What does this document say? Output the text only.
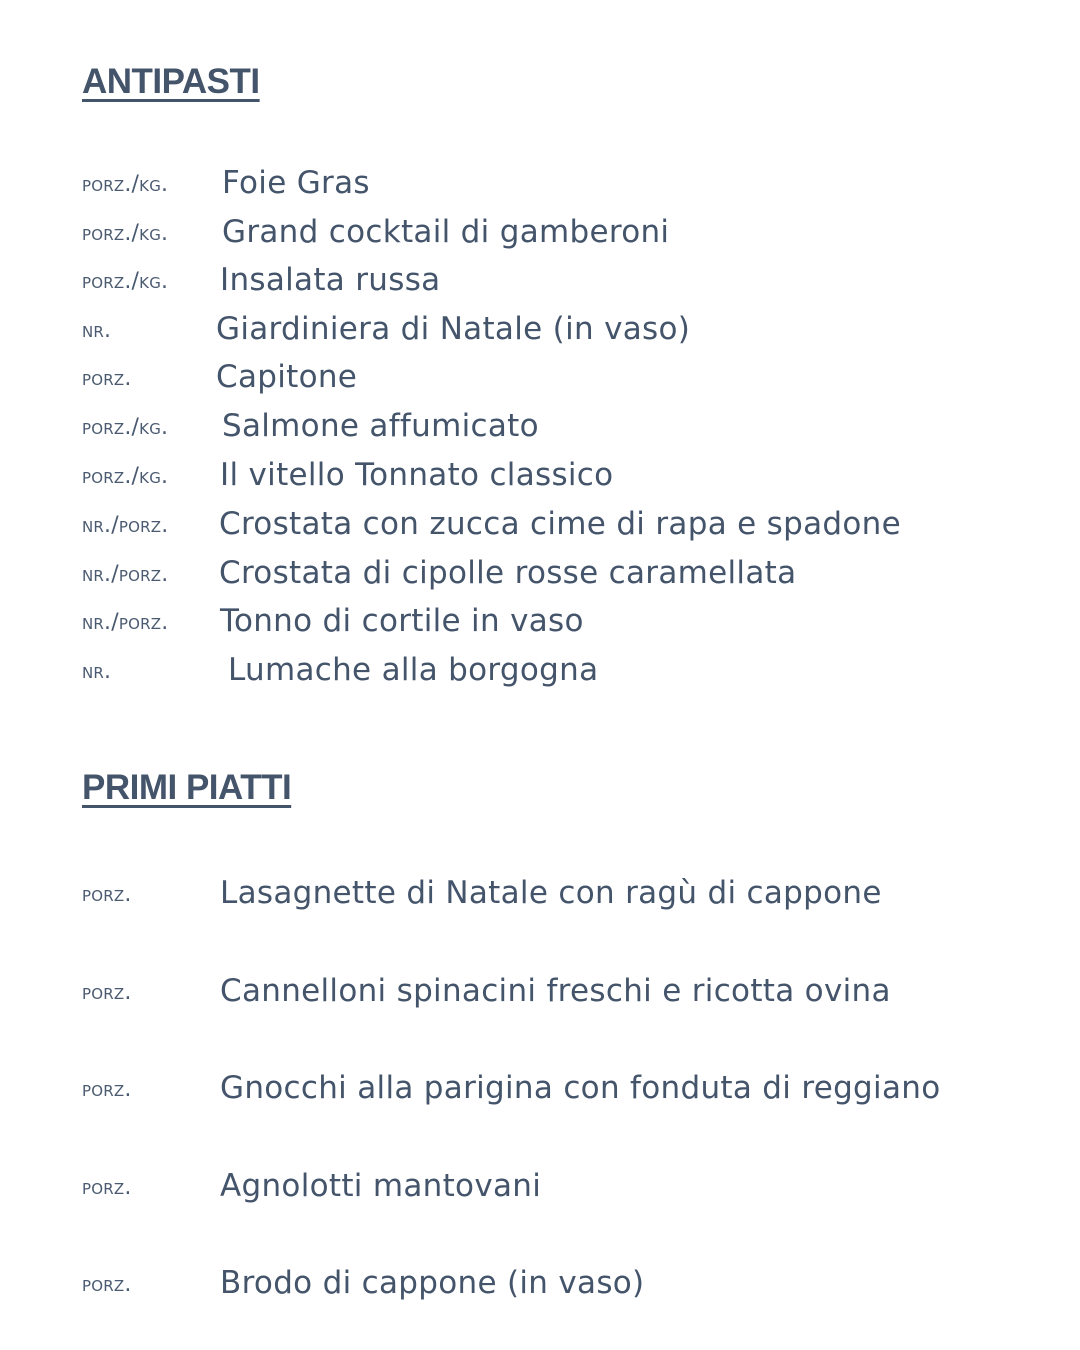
ANTIPASTI
porz./kg. Foie Gras
porz./kg. Grand cocktail di gamberoni
porz./kg. Insalata russa
nr.	Giardiniera di Natale (in vaso)
porz.	Capitone
porz./kg. Salmone affumicato
porz./kg. Il vitello Tonnato classico
nr./porz. Crostata con zucca cime di rapa e spadone
nr./porz. Crostata di cipolle rosse caramellata
nr./porz. Tonno di cortile in vaso
nr.	Lumache alla borgogna
PRIMI PIATTI
porz.	Lasagnette di Natale con ragù di cappone
porz.	Cannelloni spinacini freschi e ricotta ovina
porz.	Gnocchi alla parigina con fonduta di reggiano
porz.	Agnolotti mantovani
porz.	Brodo di cappone (in vaso)
